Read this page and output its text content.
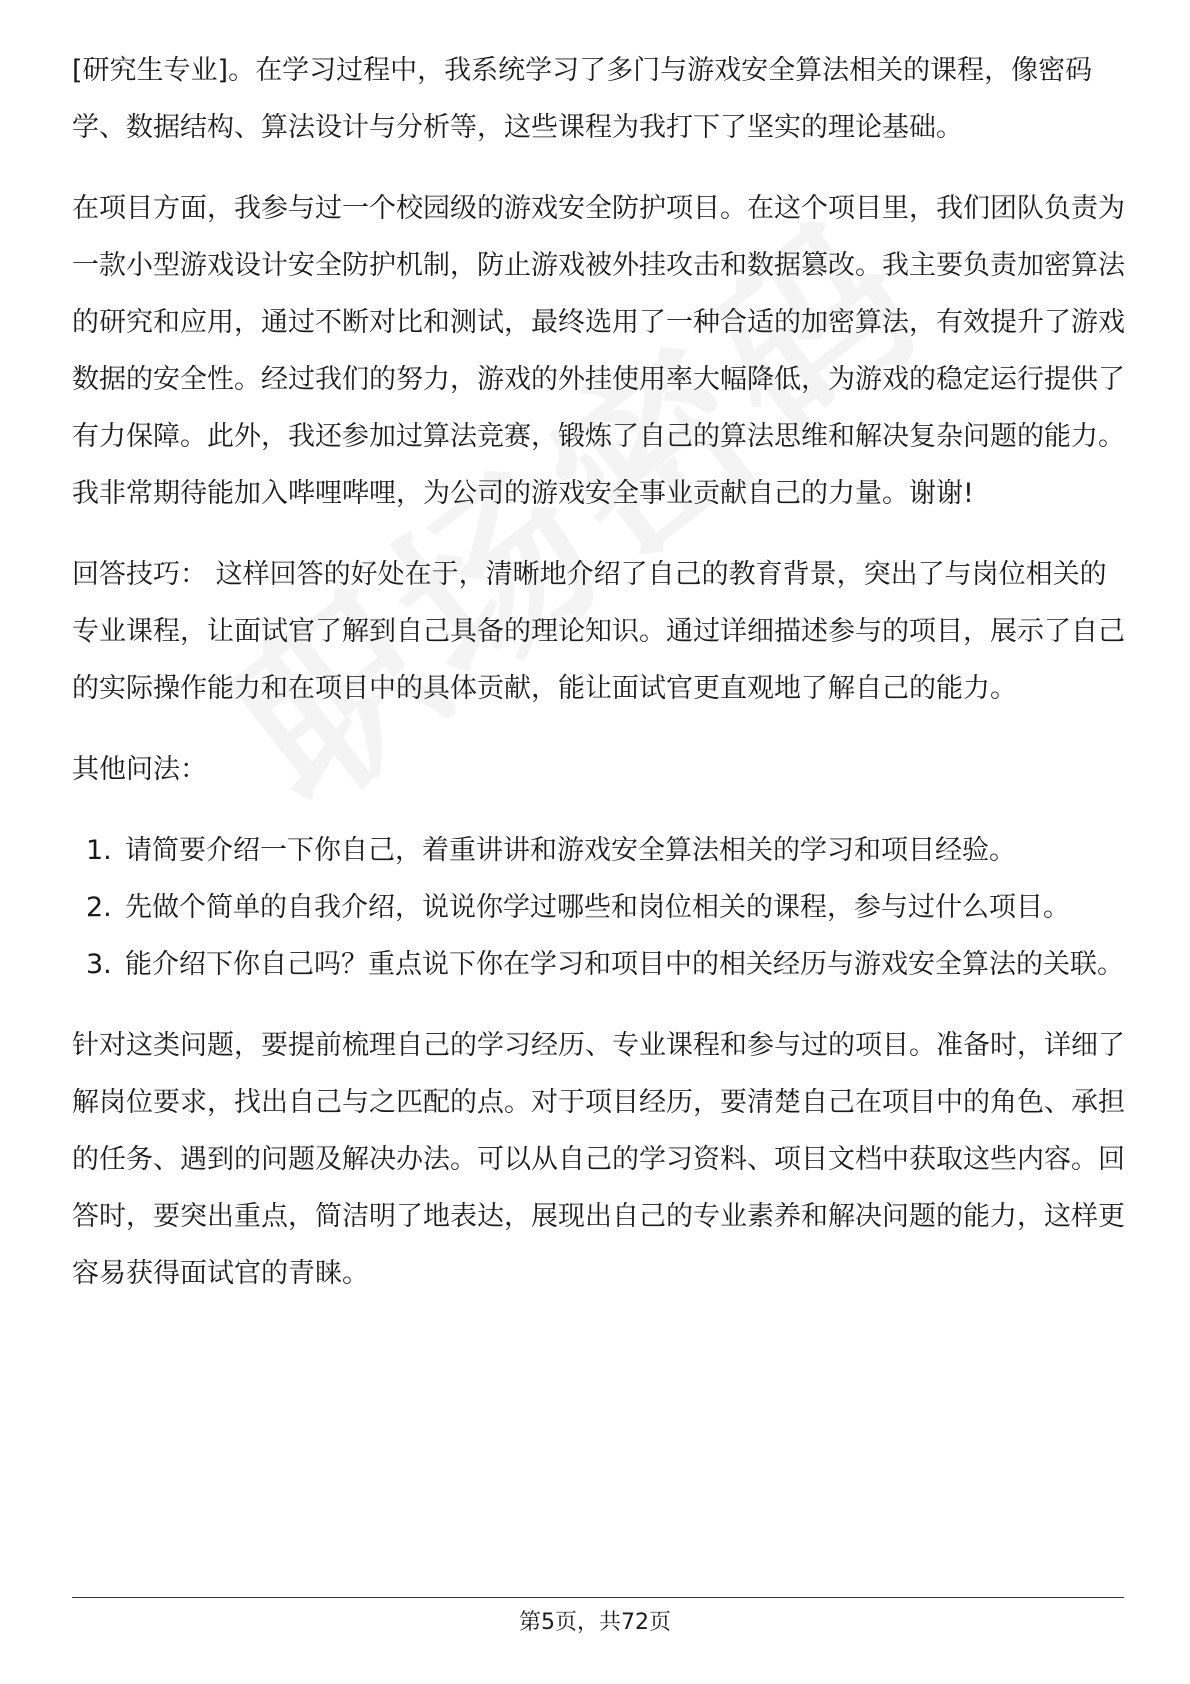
[研究生专业]。在学习过程中，我系统学习了多门与游戏安全算法相关的课程，像密码学、数据结构、算法设计与分析等，这些课程为我打下了坚实的理论基础。

在项目方面，我参与过一个校园级的游戏安全防护项目。在这个项目里，我们团队负责为一款小型游戏设计安全防护机制，防止游戏被外挂攻击和数据篡改。我主要负责加密算法的研究和应用，通过不断对比和测试，最终选用了一种合适的加密算法，有效提升了游戏数据的安全性。经过我们的努力，游戏的外挂使用率大幅降低，为游戏的稳定运行提供了有力保障。此外，我还参加过算法竞赛，锻炼了自己的算法思维和解决复杂问题的能力。我非常期待能加入哔哩哔哩，为公司的游戏安全事业贡献自己的力量。谢谢!

回答技巧： 这样回答的好处在于，清晰地介绍了自己的教育背景，突出了与岗位相关的专业课程，让面试官了解到自己具备的理论知识。通过详细描述参与的项目，展示了自己的实际操作能力和在项目中的具体贡献，能让面试官更直观地了解自己的能力。

其他问法：

1. 请简要介绍一下你自己，着重讲讲和游戏安全算法相关的学习和项目经验。
2. 先做个简单的自我介绍，说说你学过哪些和岗位相关的课程，参与过什么项目。
3. 能介绍下你自己吗？重点说下你在学习和项目中的相关经历与游戏安全算法的关联。

针对这类问题，要提前梳理自己的学习经历、专业课程和参与过的项目。准备时，详细了解岗位要求，找出自己与之匹配的点。对于项目经历，要清楚自己在项目中的角色、承担的任务、遇到的问题及解决办法。可以从自己的学习资料、项目文档中获取这些内容。回答时，要突出重点，简洁明了地表达，展现出自己的专业素养和解决问题的能力，这样更容易获得面试官的青睐。

第5页，共72页
